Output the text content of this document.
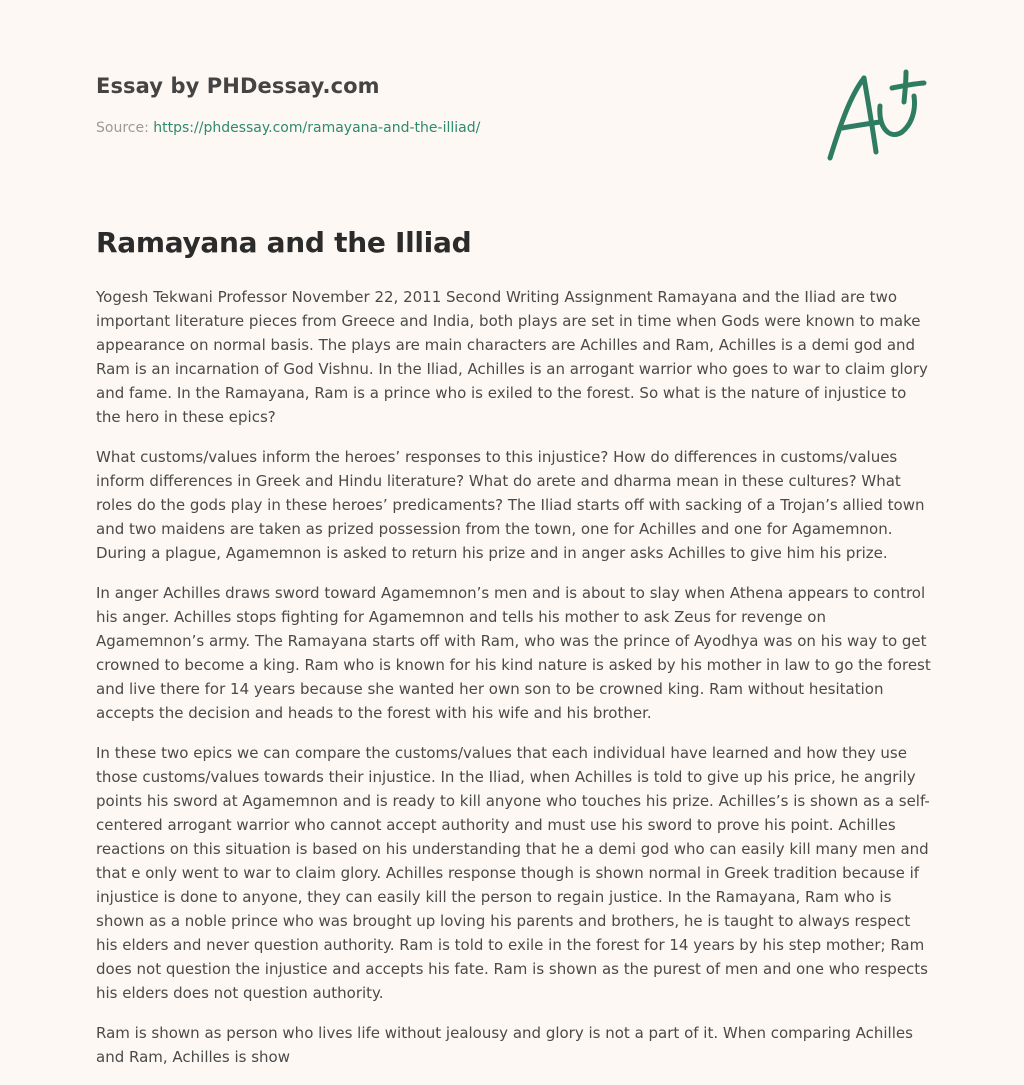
Essay by PHDessay.com
Source: https://phdessay.com/ramayana-and-the-illiad/
Ramayana and the Illiad

Yogesh Tekwani Professor November 22, 2011 Second Writing Assignment Ramayana and the Iliad are two important literature pieces from Greece and India, both plays are set in time when Gods were known to make appearance on normal basis. The plays are main characters are Achilles and Ram, Achilles is a demi god and Ram is an incarnation of God Vishnu. In the Iliad, Achilles is an arrogant warrior who goes to war to claim glory and fame. In the Ramayana, Ram is a prince who is exiled to the forest. So what is the nature of injustice to the hero in these epics?

What customs/values inform the heroes’ responses to this injustice? How do differences in customs/values inform differences in Greek and Hindu literature? What do arete and dharma mean in these cultures? What roles do the gods play in these heroes’ predicaments? The Iliad starts off with sacking of a Trojan’s allied town and two maidens are taken as prized possession from the town, one for Achilles and one for Agamemnon. During a plague, Agamemnon is asked to return his prize and in anger asks Achilles to give him his prize.

In anger Achilles draws sword toward Agamemnon’s men and is about to slay when Athena appears to control his anger. Achilles stops fighting for Agamemnon and tells his mother to ask Zeus for revenge on Agamemnon’s army. The Ramayana starts off with Ram, who was the prince of Ayodhya was on his way to get crowned to become a king. Ram who is known for his kind nature is asked by his mother in law to go the forest and live there for 14 years because she wanted her own son to be crowned king. Ram without hesitation accepts the decision and heads to the forest with his wife and his brother.

In these two epics we can compare the customs/values that each individual have learned and how they use those customs/values towards their injustice. In the Iliad, when Achilles is told to give up his price, he angrily points his sword at Agamemnon and is ready to kill anyone who touches his prize. Achilles’s is shown as a self-centered arrogant warrior who cannot accept authority and must use his sword to prove his point. Achilles reactions on this situation is based on his understanding that he a demi god who can easily kill many men and that e only went to war to claim glory. Achilles response though is shown normal in Greek tradition because if injustice is done to anyone, they can easily kill the person to regain justice. In the Ramayana, Ram who is shown as a noble prince who was brought up loving his parents and brothers, he is taught to always respect his elders and never question authority. Ram is told to exile in the forest for 14 years by his step mother; Ram does not question the injustice and accepts his fate. Ram is shown as the purest of men and one who respects his elders does not question authority.

Ram is shown as person who lives life without jealousy and glory is not a part of it. When comparing Achilles and Ram, Achilles is show
